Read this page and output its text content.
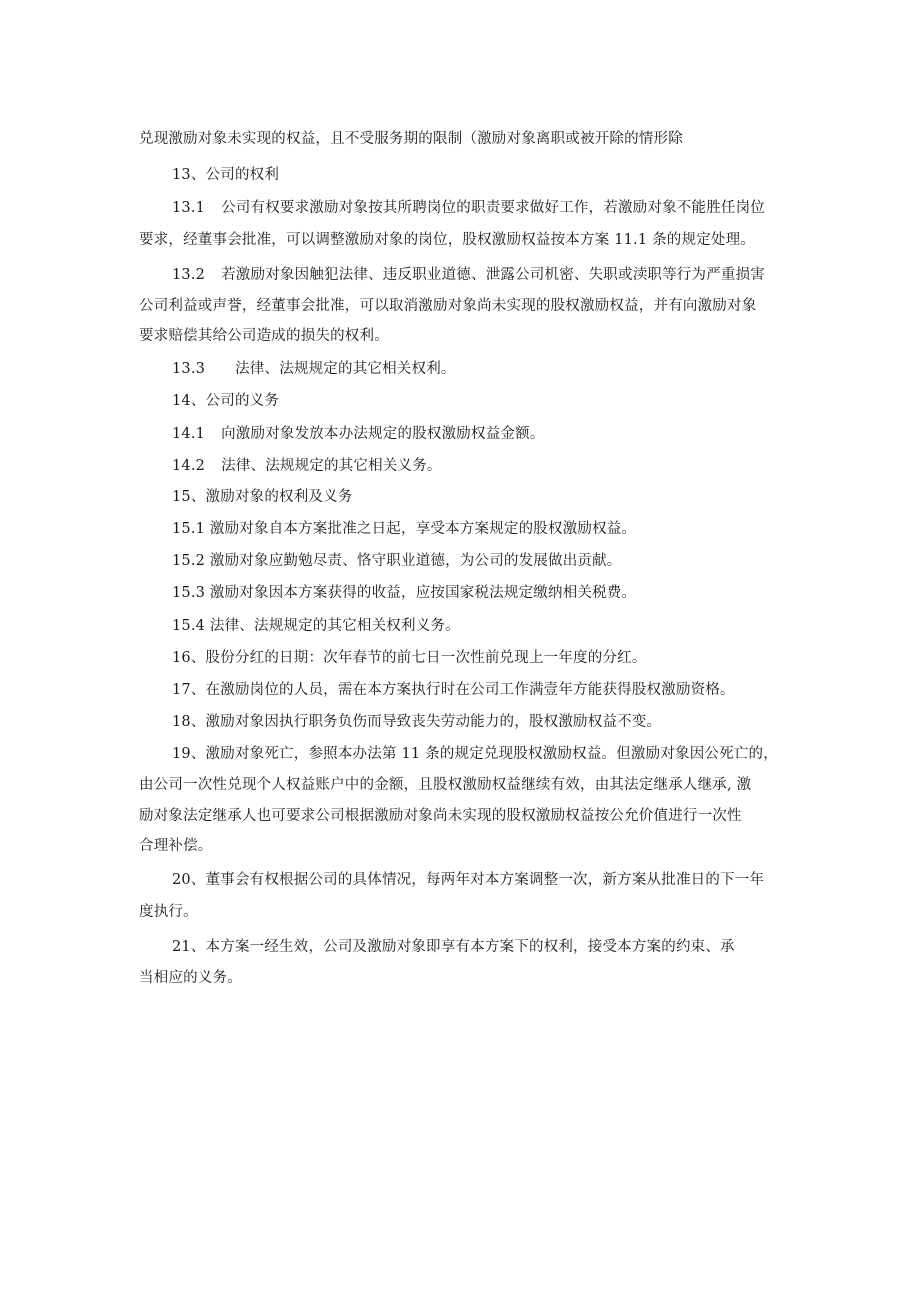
兑现激励对象未实现的权益，且不受服务期的限制（激励对象离职或被开除的情形除

13、公司的权利

13.1 公司有权要求激励对象按其所聘岗位的职责要求做好工作，若激励对象不能胜任岗位

要求，经董事会批准，可以调整激励对象的岗位，股权激励权益按本方案 11.1 条的规定处理。

13.2 若激励对象因触犯法律、违反职业道德、泄露公司机密、失职或渎职等行为严重损害

公司利益或声誉，经董事会批准，可以取消激励对象尚未实现的股权激励权益，并有向激励对象

要求赔偿其给公司造成的损失的权利。

13.3 法律、法规规定的其它相关权利。

14、公司的义务

14.1 向激励对象发放本办法规定的股权激励权益金额。

14.2 法律、法规规定的其它相关义务。

15、激励对象的权利及义务

15.1 激励对象自本方案批准之日起，享受本方案规定的股权激励权益。

15.2 激励对象应勤勉尽责、恪守职业道德，为公司的发展做出贡献。

15.3 激励对象因本方案获得的收益，应按国家税法规定缴纳相关税费。

15.4 法律、法规规定的其它相关权利义务。

16、股份分红的日期：次年春节的前七日一次性前兑现上一年度的分红。

17、在激励岗位的人员，需在本方案执行时在公司工作满壹年方能获得股权激励资格。

18、激励对象因执行职务负伤而导致丧失劳动能力的，股权激励权益不变。

19、激励对象死亡，参照本办法第 11 条的规定兑现股权激励权益。但激励对象因公死亡的，

由公司一次性兑现个人权益账户中的金额，且股权激励权益继续有效，由其法定继承人继承, 激

励对象法定继承人也可要求公司根据激励对象尚未实现的股权激励权益按公允价值进行一次性

合理补偿。

20、董事会有权根据公司的具体情况，每两年对本方案调整一次，新方案从批准日的下一年

度执行。

21、本方案一经生效，公司及激励对象即享有本方案下的权利，接受本方案的约束、承

当相应的义务。
